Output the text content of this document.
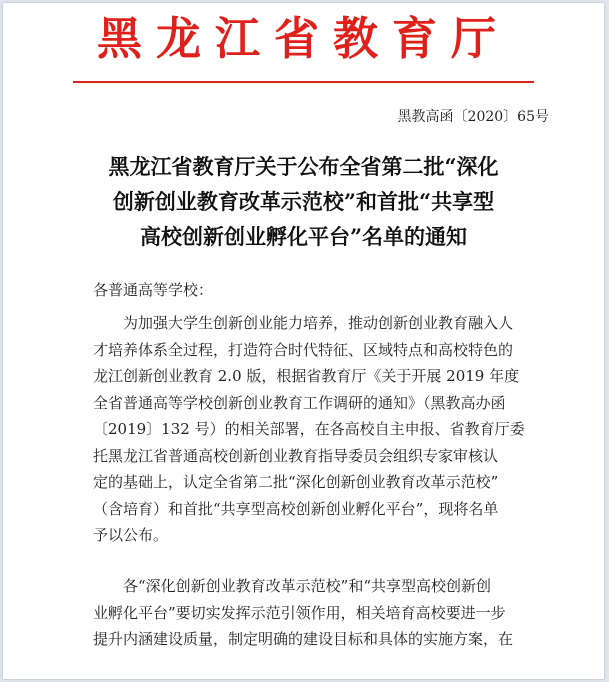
黑龙江省教育厅
黑教高函〔2020〕65号
黑龙江省教育厅关于公布全省第二批“深化
创新创业教育改革示范校”和首批“共享型
高校创新创业孵化平台”名单的通知
各普通高等学校：
　　为加强大学生创新创业能力培养，推动创新创业教育融入人
才培养体系全过程，打造符合时代特征、区域特点和高校特色的
龙江创新创业教育 2.0 版，根据省教育厅《关于开展 2019 年度
全省普通高等学校创新创业教育工作调研的通知》（黑教高办函
〔2019〕132 号）的相关部署，在各高校自主申报、省教育厅委
托黑龙江省普通高校创新创业教育指导委员会组织专家审核认
定的基础上，认定全省第二批“深化创新创业教育改革示范校”
（含培育）和首批“共享型高校创新创业孵化平台”，现将名单
予以公布。
　　各“深化创新创业教育改革示范校”和“共享型高校创新创
业孵化平台”要切实发挥示范引领作用，相关培育高校要进一步
提升内涵建设质量，制定明确的建设目标和具体的实施方案，在
